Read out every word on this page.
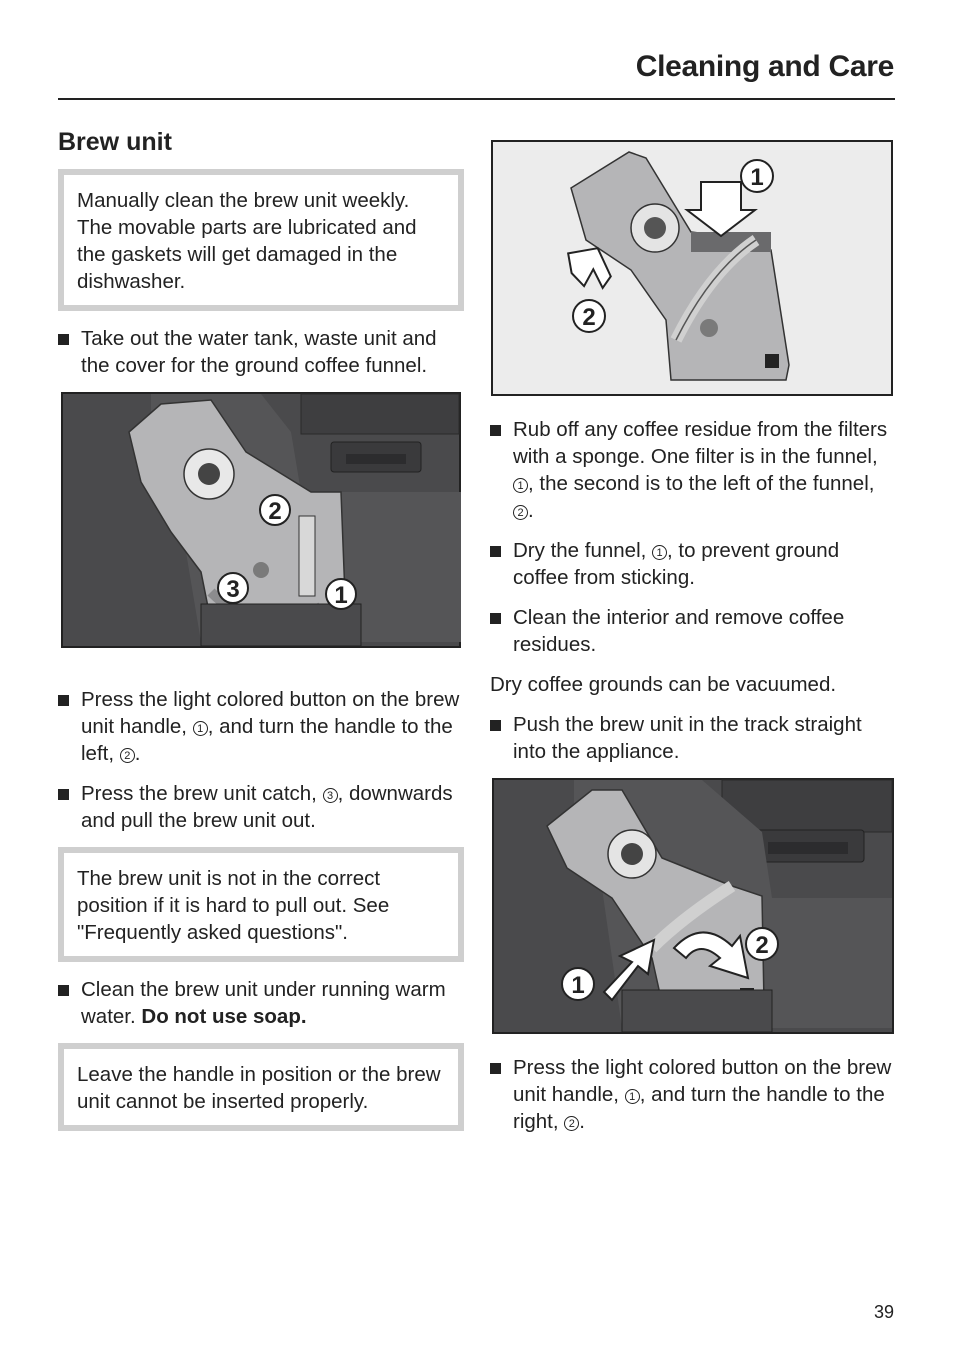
Cleaning and Care
Brew unit
Manually clean the brew unit weekly. The movable parts are lubricated and the gaskets will get damaged in the dishwasher.
Take out the water tank, waste unit and the cover for the ground coffee funnel.
2
3	1
Press the light colored button on the brew unit handle, 1 , and turn the handle to the left, 2 .
Press the brew unit catch, 3 , downwards and pull the brew unit out.
The brew unit is not in the correct position if it is hard to pull out. See "Frequently asked questions".
Clean the brew unit under running warm water. Do not use soap.
Leave the handle in position or the brew unit cannot be inserted properly.
1
2
Rub off any coffee residue from the filters with a sponge. One filter is in the funnel, 1 , the second is to the left of the funnel, 2 .
Dry the funnel, 1 , to prevent ground coffee from sticking.
Clean the interior and remove coffee residues.
Dry coffee grounds can be vacuumed.
Push the brew unit in the track straight into the appliance.
1
2
Press the light colored button on the brew unit handle, 1 , and turn the handle to the right, 2 .
39
